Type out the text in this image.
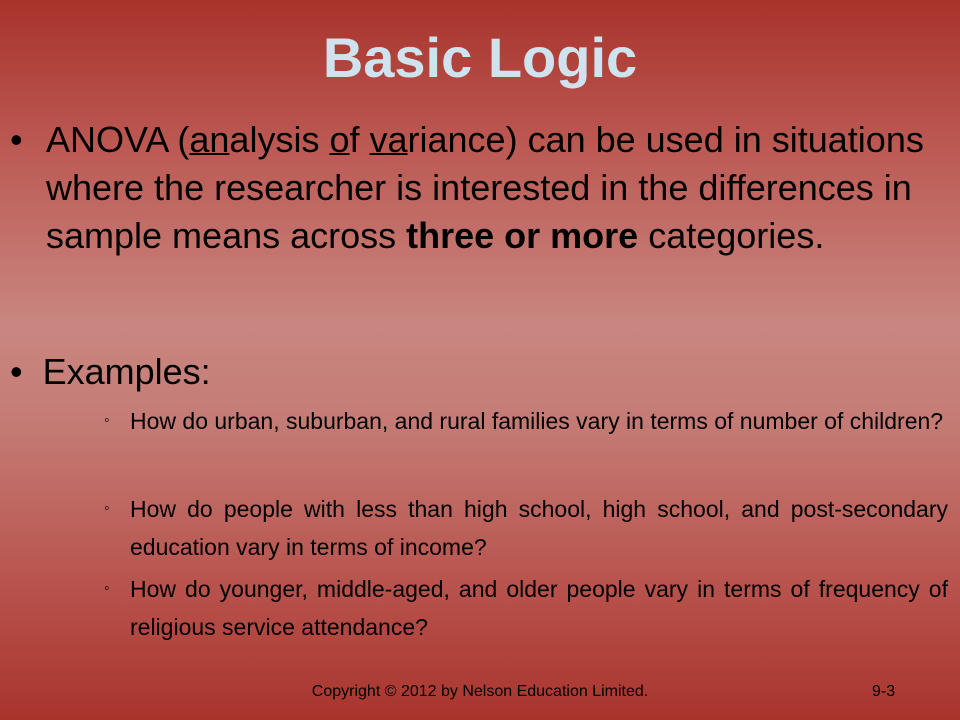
Basic Logic
• ANOVA (analysis of variance) can be used in situations where the researcher is interested in the differences in sample means across three or more categories.
• Examples:
◦ How do urban, suburban, and rural families vary in terms of number of children?
◦ How do people with less than high school, high school, and post-secondary education vary in terms of income?
◦ How do younger, middle-aged, and older people vary in terms of frequency of religious service attendance?
Copyright © 2012 by Nelson Education Limited.	9-3
